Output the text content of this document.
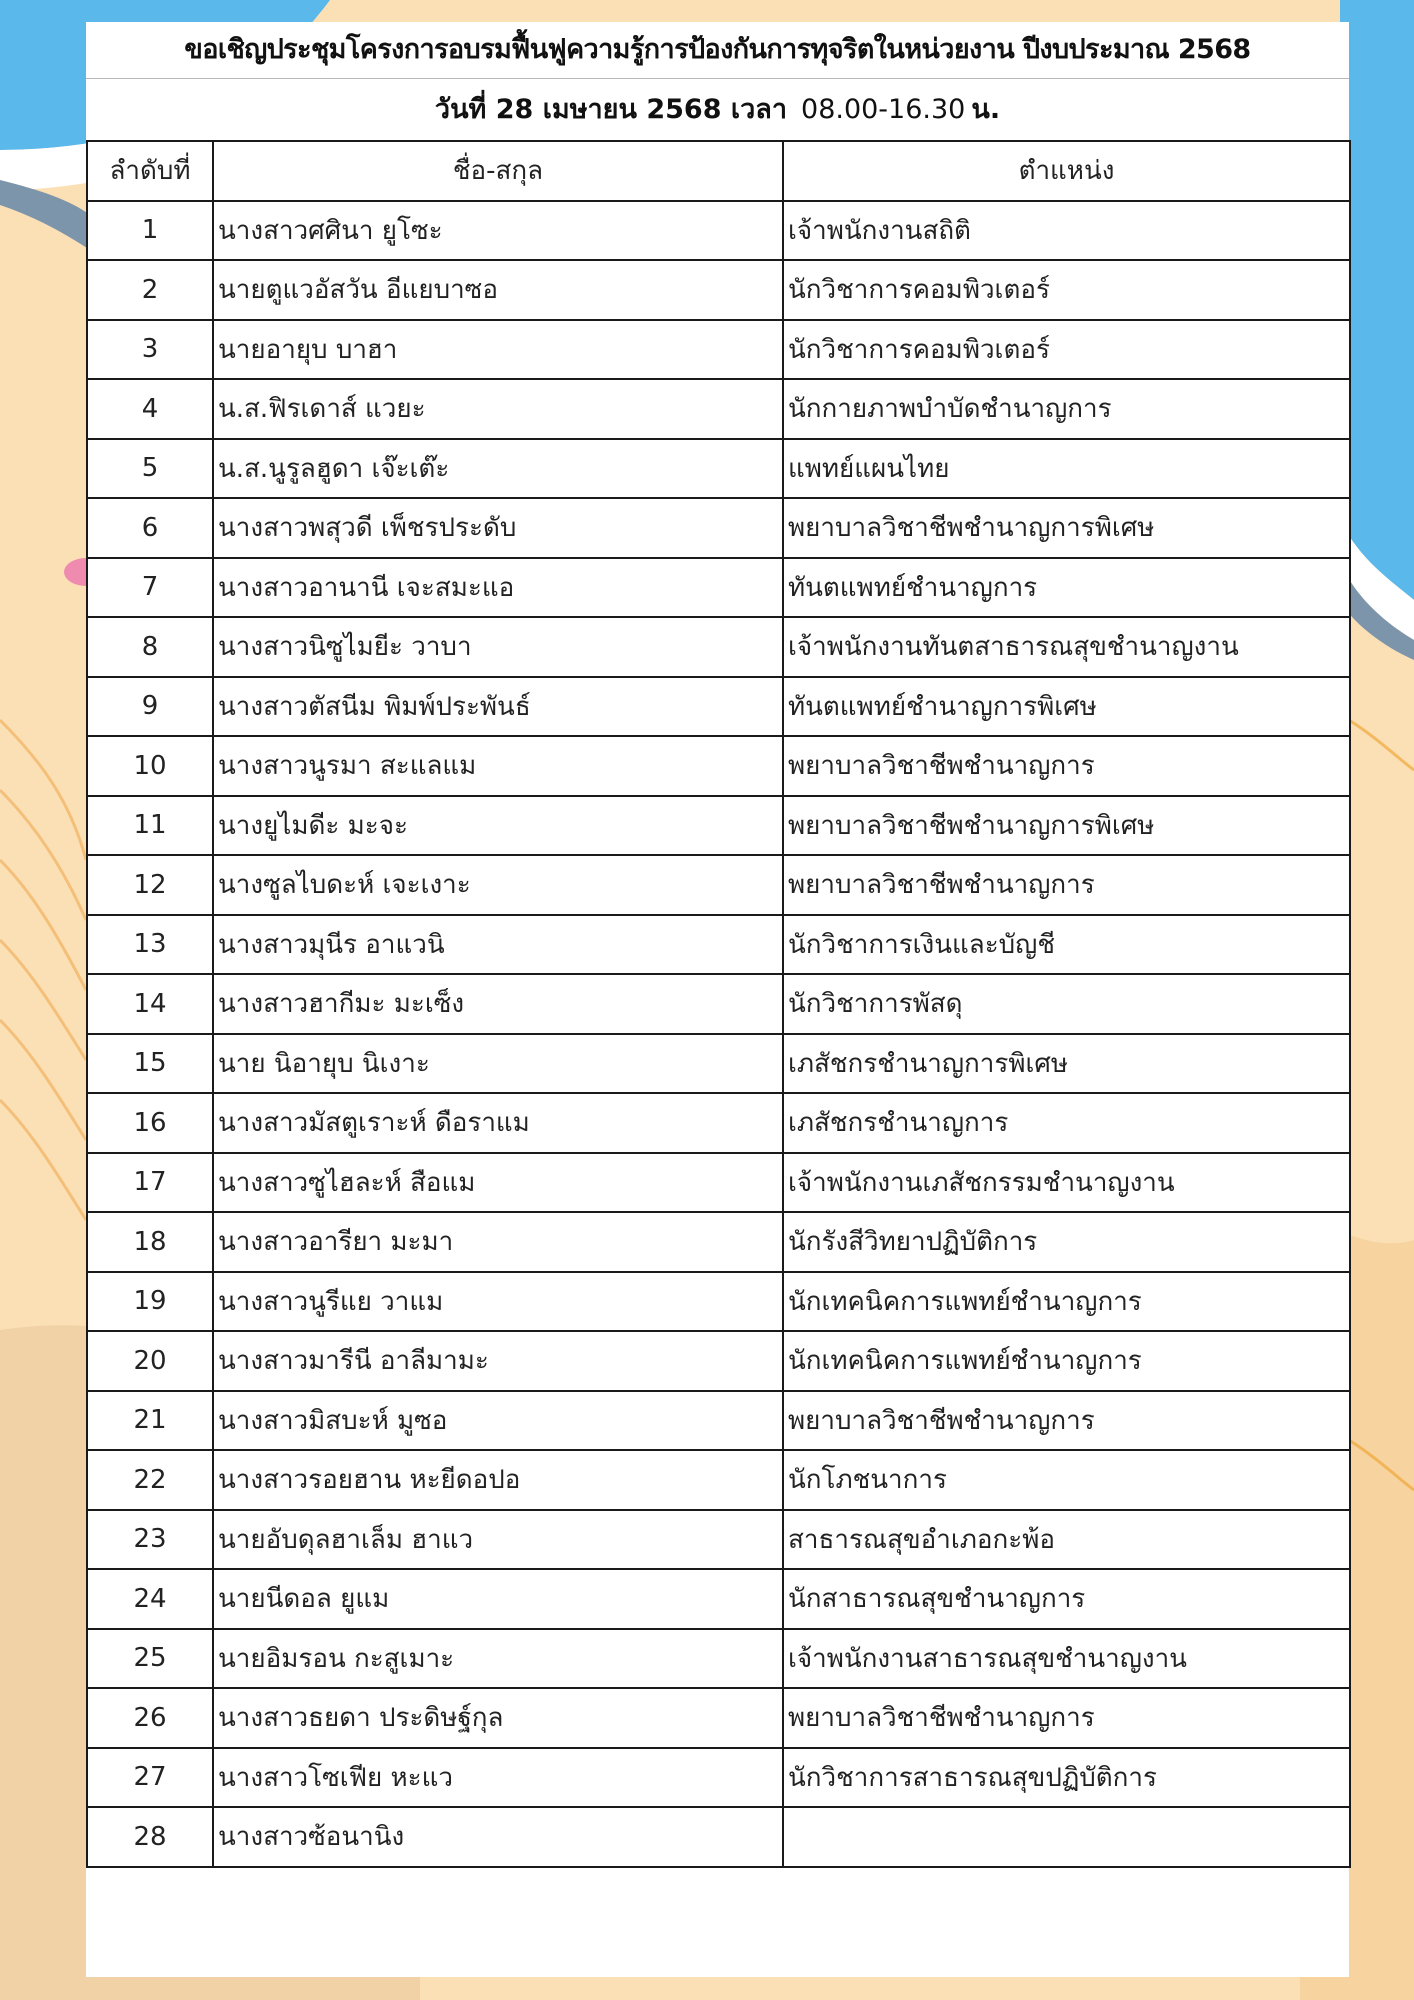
ขอเชิญประชุมโครงการอบรมฟื้นฟูความรู้การป้องกันการทุจริตในหน่วยงาน ปีงบประมาณ 2568
วันที่ 28 เมษายน 2568 เวลา 08.00-16.30 น.
ลำดับที่	ชื่อ-สกุล	ตำแหน่ง
1	นางสาวศศินา ยูโซะ	เจ้าพนักงานสถิติ
2	นายตูแวอัสวัน อีแยบาซอ	นักวิชาการคอมพิวเตอร์
3	นายอายุบ บาฮา	นักวิชาการคอมพิวเตอร์
4	น.ส.ฟิรเดาส์ แวยะ	นักกายภาพบำบัดชำนาญการ
5	น.ส.นูรูลฮูดา เจ๊ะเต๊ะ	แพทย์แผนไทย
6	นางสาวพสุวดี เพ็ชรประดับ	พยาบาลวิชาชีพชำนาญการพิเศษ
7	นางสาวอานานี เจะสมะแอ	ทันตแพทย์ชำนาญการ
8	นางสาวนิซูไมยีะ วาบา	เจ้าพนักงานทันตสาธารณสุขชำนาญงาน
9	นางสาวตัสนีม พิมพ์ประพันธ์	ทันตแพทย์ชำนาญการพิเศษ
10	นางสาวนูรมา สะแลแม	พยาบาลวิชาชีพชำนาญการ
11	นางยูไมดีะ มะจะ	พยาบาลวิชาชีพชำนาญการพิเศษ
12	นางซูลไบดะห์ เจะเงาะ	พยาบาลวิชาชีพชำนาญการ
13	นางสาวมุนีร อาแวนิ	นักวิชาการเงินและบัญชี
14	นางสาวฮากีมะ มะเซ็ง	นักวิชาการพัสดุ
15	นาย นิอายุบ นิเงาะ	เภสัชกรชำนาญการพิเศษ
16	นางสาวมัสตูเราะห์ ดือราแม	เภสัชกรชำนาญการ
17	นางสาวซูไฮละห์ สือแม	เจ้าพนักงานเภสัชกรรมชำนาญงาน
18	นางสาวอารียา มะมา	นักรังสีวิทยาปฏิบัติการ
19	นางสาวนูรีแย วาแม	นักเทคนิคการแพทย์ชำนาญการ
20	นางสาวมารีนี อาลีมามะ	นักเทคนิคการแพทย์ชำนาญการ
21	นางสาวมิสบะห์ มูซอ	พยาบาลวิชาชีพชำนาญการ
22	นางสาวรอยฮาน หะยีดอปอ	นักโภชนาการ
23	นายอับดุลฮาเล็ม ฮาแว	สาธารณสุขอำเภอกะพ้อ
24	นายนีดอล ยูแม	นักสาธารณสุขชำนาญการ
25	นายอิมรอน กะสูเมาะ	เจ้าพนักงานสาธารณสุขชำนาญงาน
26	นางสาวธยดา ประดิษฐ์กุล	พยาบาลวิชาชีพชำนาญการ
27	นางสาวโซเฟีย หะแว	นักวิชาการสาธารณสุขปฏิบัติการ
28	นางสาวซ้อนานิง	
